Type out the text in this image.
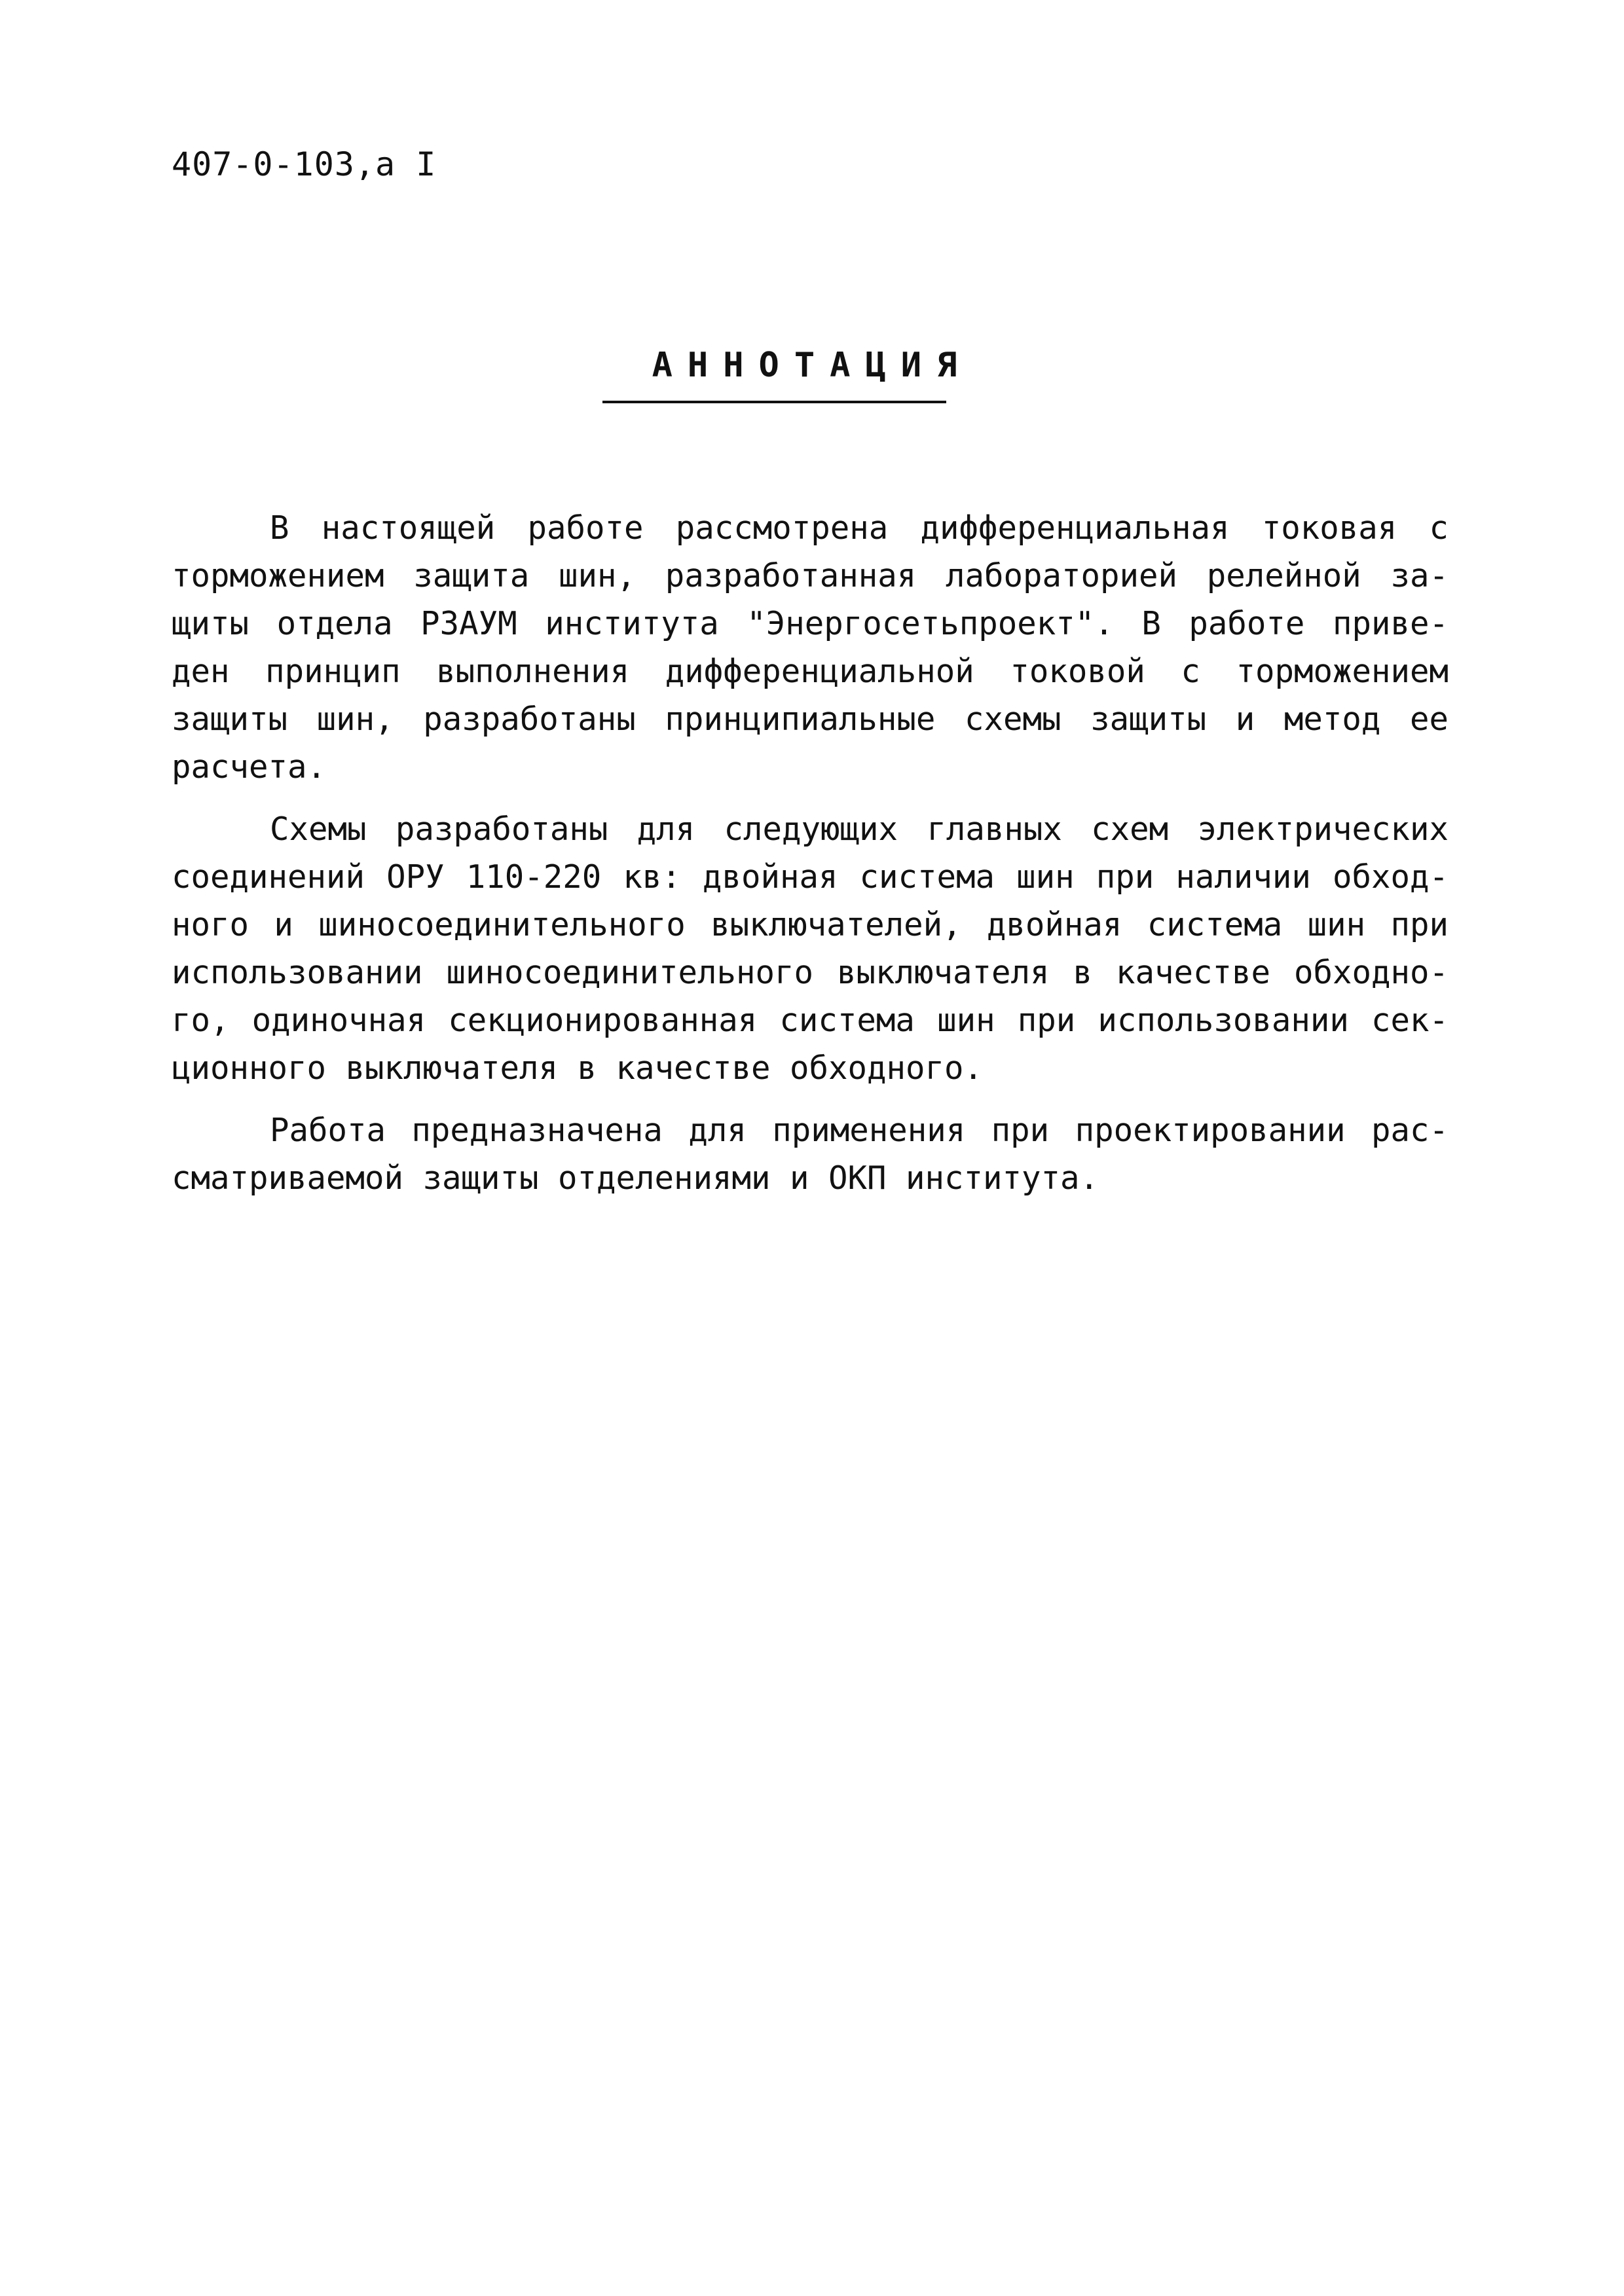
407-0-103,а I
АННОТАЦИЯ
В настоящей работе рассмотрена дифференциальная токовая с
торможением защита шин, разработанная лабораторией релейной за-
щиты отдела РЗАУМ института "Энергосетьпроект". В работе приве-
ден принцип выполнения дифференциальной токовой с торможением
защиты шин, разработаны принципиальные схемы защиты и метод ее
расчета.
Схемы разработаны для следующих главных схем электрических
соединений ОРУ 110-220 кв: двойная система шин при наличии обход-
ного и шиносоединительного выключателей, двойная система шин при
использовании шиносоединительного выключателя в качестве обходно-
го, одиночная секционированная система шин при использовании сек-
ционного выключателя в качестве обходного.
Работа предназначена для применения при проектировании рас-
сматриваемой защиты отделениями и ОКП института.
